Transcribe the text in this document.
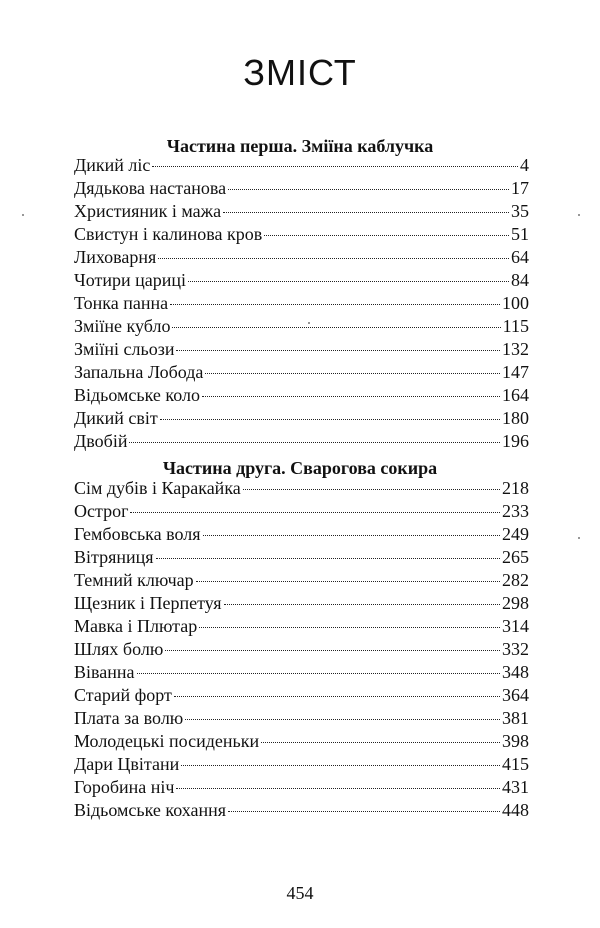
ЗМІСТ
Частина перша. Зміїна каблучка
Дикий ліс	4
Дядькова настанова	17
Християник і мажа	35
Свистун і калинова кров	51
Лиховарня	64
Чотири цариці	84
Тонка панна	100
Зміїне кубло	115
Зміїні сльози	132
Запальна Лобода	147
Відьомське коло	164
Дикий світ	180
Двобій	196
Частина друга. Сварогова сокира
Сім дубів і Каракайка	218
Острог	233
Гембовська воля	249
Вітряниця	265
Темний ключар	282
Щезник і Перпетуя	298
Мавка і Плютар	314
Шлях болю	332
Віванна	348
Старий форт	364
Плата за волю	381
Молодецькі посиденьки	398
Дари Цвітани	415
Горобина ніч	431
Відьомське кохання	448
454
